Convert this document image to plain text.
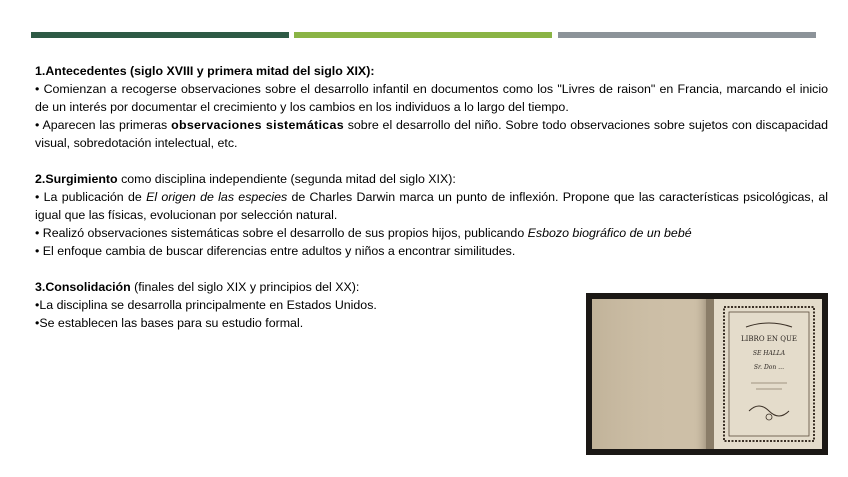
1.Antecedentes (siglo XVIII y primera mitad del siglo XIX):

• Comienzan a recogerse observaciones sobre el desarrollo infantil en documentos como los "Livres de raison" en Francia, marcando el inicio de un interés por documentar el crecimiento y los cambios en los individuos a lo largo del tiempo.

• Aparecen las primeras observaciones sistemáticas sobre el desarrollo del niño. Sobre todo observaciones sobre sujetos con discapacidad visual, sobredotación intelectual, etc.

2.Surgimiento como disciplina independiente (segunda mitad del siglo XIX):

• La publicación de El origen de las especies de Charles Darwin marca un punto de inflexión. Propone que las características psicológicas, al igual que las físicas, evolucionan por selección natural.

• Realizó observaciones sistemáticas sobre el desarrollo de sus propios hijos, publicando Esbozo biográfico de un bebé

• El enfoque cambia de buscar diferencias entre adultos y niños a encontrar similitudes.

3.Consolidación (finales del siglo XIX y principios del XX):

•La disciplina se desarrolla principalmente en Estados Unidos.

•Se establecen las bases para su estudio formal.

LIBRO EN QUE
SE HALLA
Sr. Don …
